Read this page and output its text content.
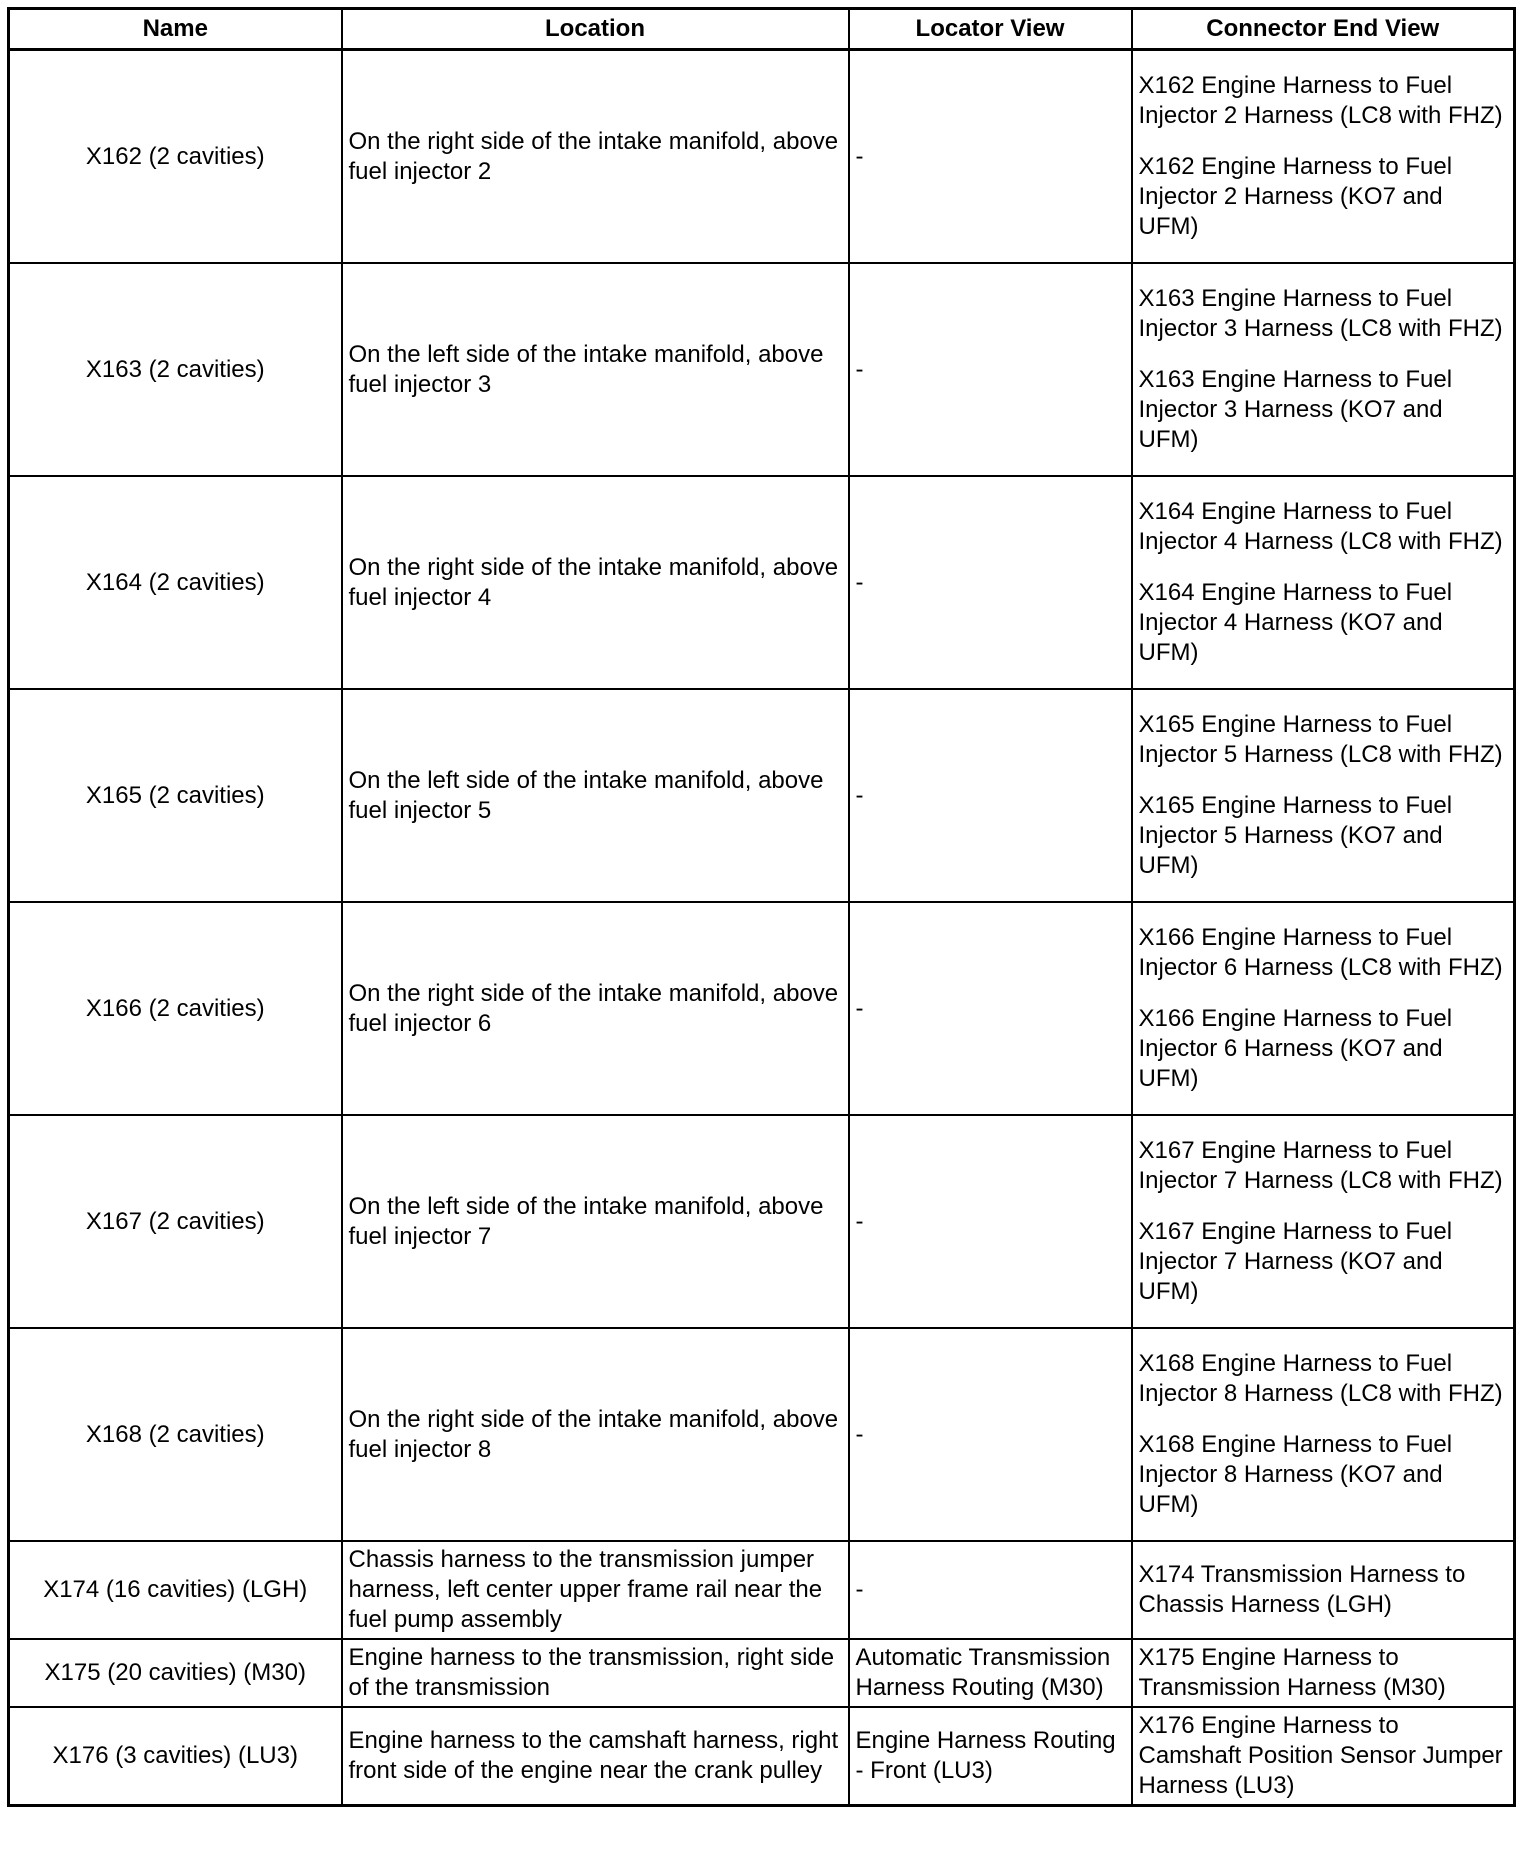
Name	Location	Locator View	Connector End View
X162 (2 cavities)	On the right side of the intake manifold, above fuel injector 2	-	X162 Engine Harness to Fuel Injector 2 Harness (LC8 with FHZ)
X162 Engine Harness to Fuel Injector 2 Harness (KO7 and UFM)

X163 (2 cavities)	On the left side of the intake manifold, above fuel injector 3	-	X163 Engine Harness to Fuel Injector 3 Harness (LC8 with FHZ)
X163 Engine Harness to Fuel Injector 3 Harness (KO7 and UFM)

X164 (2 cavities)	On the right side of the intake manifold, above fuel injector 4	-	X164 Engine Harness to Fuel Injector 4 Harness (LC8 with FHZ)
X164 Engine Harness to Fuel Injector 4 Harness (KO7 and UFM)

X165 (2 cavities)	On the left side of the intake manifold, above fuel injector 5	-	X165 Engine Harness to Fuel Injector 5 Harness (LC8 with FHZ)
X165 Engine Harness to Fuel Injector 5 Harness (KO7 and UFM)

X166 (2 cavities)	On the right side of the intake manifold, above fuel injector 6	-	X166 Engine Harness to Fuel Injector 6 Harness (LC8 with FHZ)
X166 Engine Harness to Fuel Injector 6 Harness (KO7 and UFM)

X167 (2 cavities)	On the left side of the intake manifold, above fuel injector 7	-	X167 Engine Harness to Fuel Injector 7 Harness (LC8 with FHZ)
X167 Engine Harness to Fuel Injector 7 Harness (KO7 and UFM)

X168 (2 cavities)	On the right side of the intake manifold, above fuel injector 8	-	X168 Engine Harness to Fuel Injector 8 Harness (LC8 with FHZ)
X168 Engine Harness to Fuel Injector 8 Harness (KO7 and UFM)

X174 (16 cavities) (LGH)	Chassis harness to the transmission jumper harness, left center upper frame rail near the fuel pump assembly	-	X174 Transmission Harness to Chassis Harness (LGH)

X175 (20 cavities) (M30)	Engine harness to the transmission, right side of the transmission	Automatic Transmission Harness Routing (M30)	X175 Engine Harness to Transmission Harness (M30)

X176 (3 cavities) (LU3)	Engine harness to the camshaft harness, right front side of the engine near the crank pulley	Engine Harness Routing - Front (LU3)	X176 Engine Harness to Camshaft Position Sensor Jumper Harness (LU3)
